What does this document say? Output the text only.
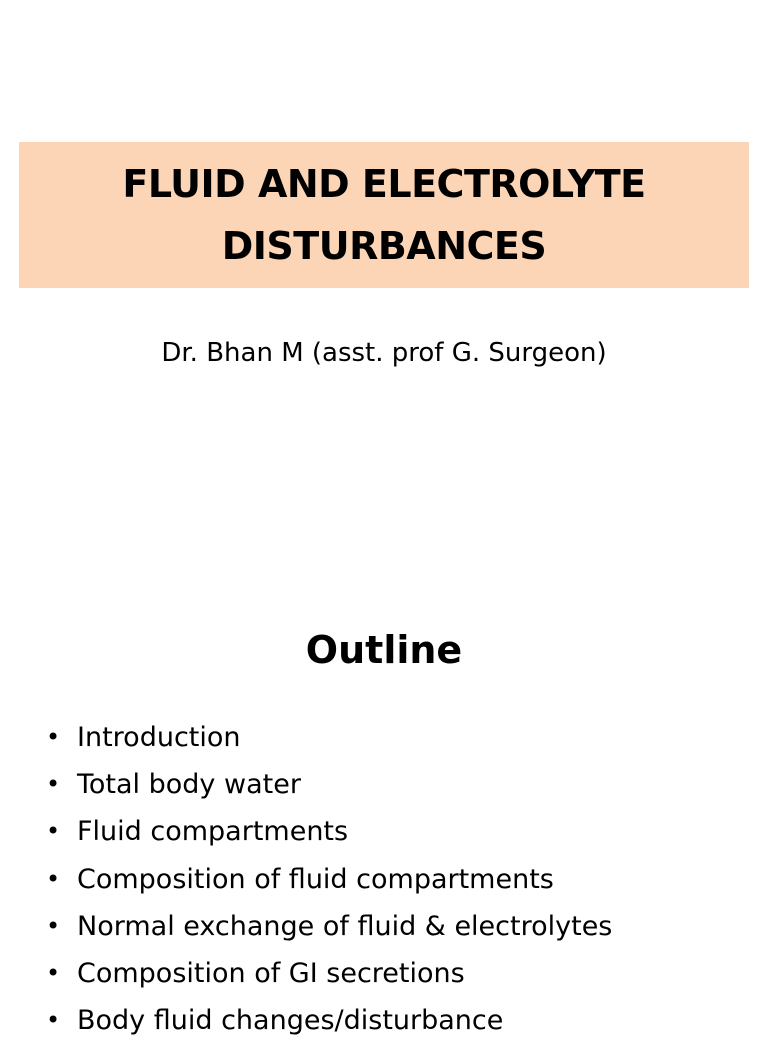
FLUID AND ELECTROLYTE
DISTURBANCES
Dr. Bhan M (asst. prof G. Surgeon)
Outline
• Introduction
• Total body water
• Fluid compartments
• Composition of fluid compartments
• Normal exchange of fluid & electrolytes
• Composition of GI secretions
• Body fluid changes/disturbance
